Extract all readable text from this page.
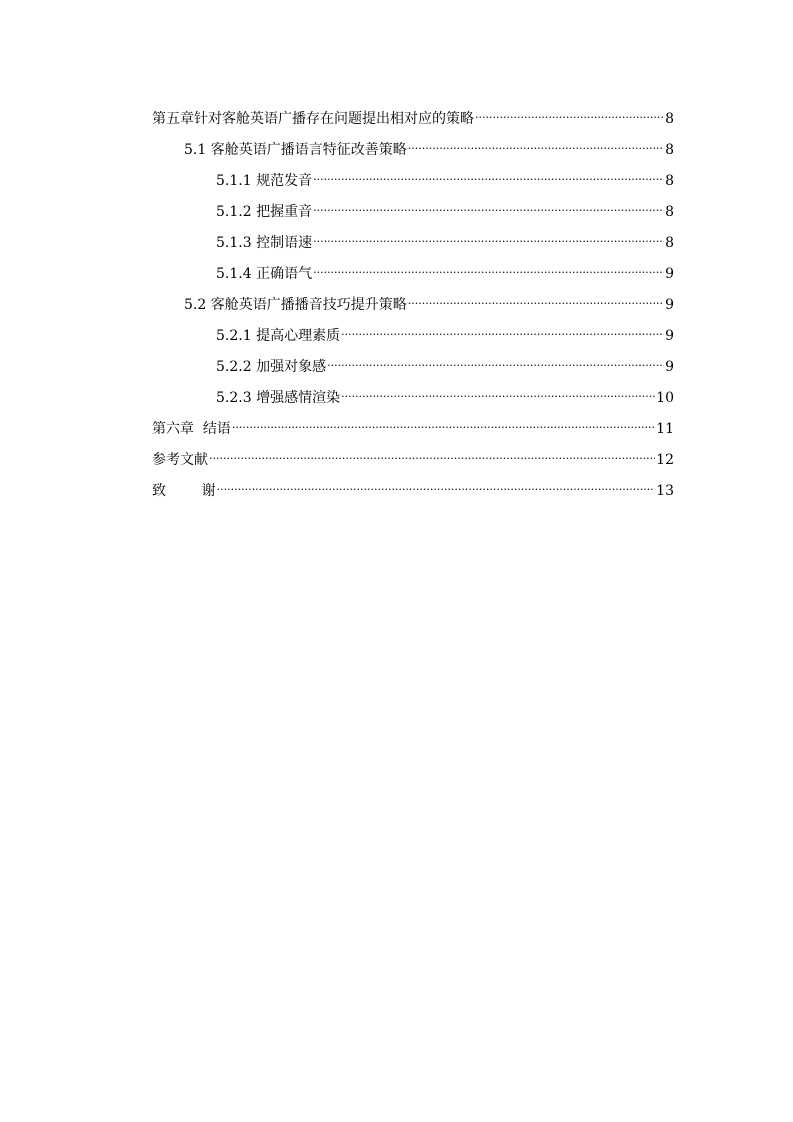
第五章针对客舱英语广播存在问题提出相对应的策略 .....	8
5.1 客舱英语广播语言特征改善策略 .....	8
5.1.1 规范发音 .....	8
5.1.2 把握重音 .....	8
5.1.3 控制语速 .....	8
5.1.4 正确语气 .....	9
5.2 客舱英语广播播音技巧提升策略 .....	9
5.2.1 提高心理素质 .....	9
5.2.2 加强对象感 .....	9
5.2.3 增强感情渲染 .....	10
第六章  结语 .....	11
参考文献 .....	12
致        谢 .....	13
